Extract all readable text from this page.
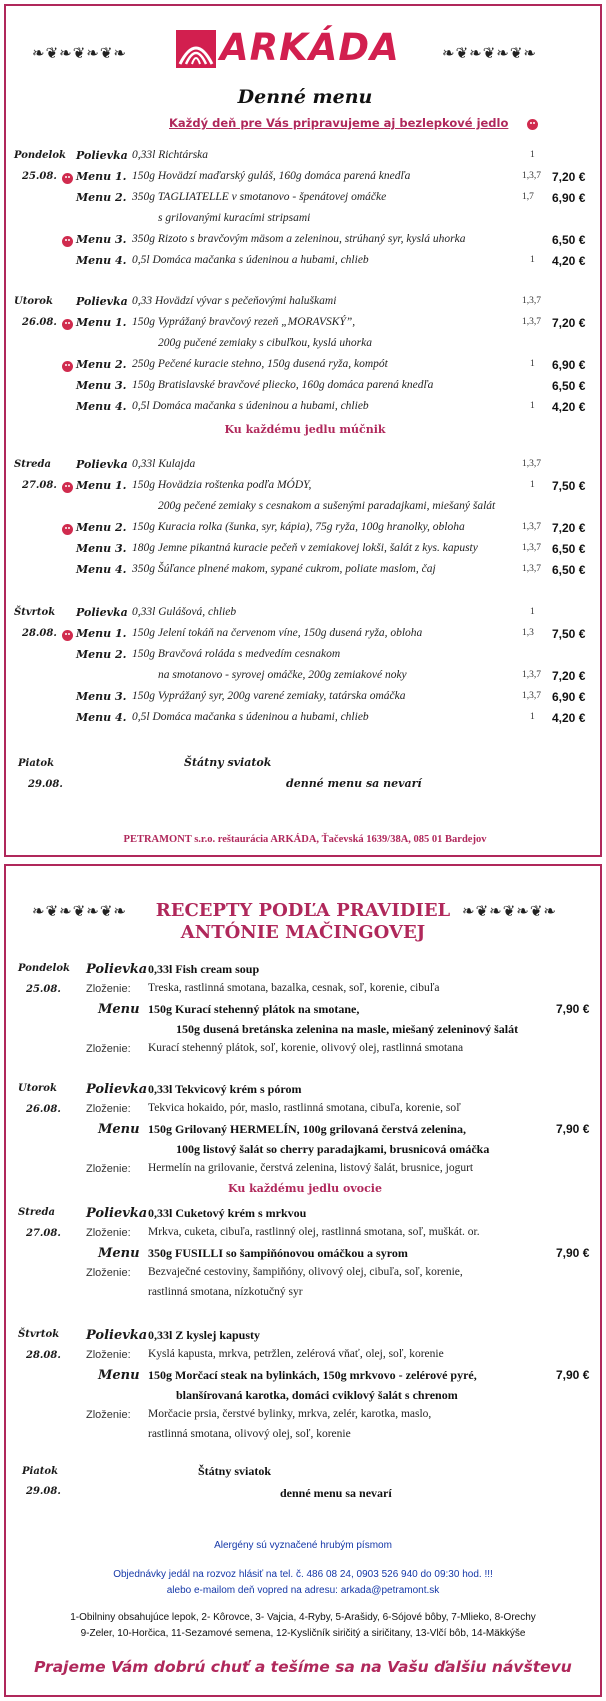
❧❦❧❦❧❦❧	❧❦❧❦❧❦❧
ARKÁDA
Denné menu
Každý deň pre Vás pripravujeme aj bezlepkové jedlo
Pondelok
25.08.
Polievka 0,33l Richtárska	1
Menu 1. 150g Hovädzí maďarský guláš, 160g domáca parená knedľa	1,3,7 7,20 €
Menu 2. 350g TAGLIATELLE v smotanovo - špenátovej omáčke	1,7 6,90 €
s grilovanými kuracími stripsami
Menu 3. 350g Rizoto s bravčovým mäsom a zeleninou, strúhaný syr, kyslá uhorka	6,50 €
Menu 4. 0,5l Domáca mačanka s údeninou a hubami, chlieb	1 4,20 €
Utorok
26.08.
Polievka 0,33 Hovädzí vývar s pečeňovými haluškami	1,3,7
Menu 1. 150g Vyprážaný bravčový rezeň „MORAVSKÝ”,	1,3,7 7,20 €
200g pučené zemiaky s cibuľkou, kyslá uhorka
Menu 2. 250g Pečené kuracie stehno, 150g dusená ryža, kompót	1 6,90 €
Menu 3. 150g Bratislavské bravčové pliecko, 160g domáca parená knedľa	6,50 €
Menu 4. 0,5l Domáca mačanka s údeninou a hubami, chlieb	1 4,20 €
Ku každému jedlu múčnik
Streda
27.08.
Polievka 0,33l Kulajda	1,3,7
Menu 1. 150g Hovädzia roštenka podľa MÓDY,	1 7,50 €
200g pečené zemiaky s cesnakom a sušenými paradajkami, miešaný šalát
Menu 2. 150g Kuracia rolka (šunka, syr, kápia), 75g ryža, 100g hranolky, obloha	1,3,7 7,20 €
Menu 3. 180g Jemne pikantná kuracie pečeň v zemiakovej lokši, šalát z kys. kapusty	1,3,7 6,50 €
Menu 4. 350g Šúľance plnené makom, sypané cukrom, poliate maslom, čaj	1,3,7 6,50 €
Štvrtok
28.08.
Polievka 0,33l Gulášová, chlieb	1
Menu 1. 150g Jelení tokáň na červenom víne, 150g dusená ryža, obloha	1,3 7,50 €
Menu 2. 150g Bravčová roláda s medvedím cesnakom
na smotanovo - syrovej omáčke, 200g zemiakové noky	1,3,7 7,20 €
Menu 3. 150g Vyprážaný syr, 200g varené zemiaky, tatárska omáčka	1,3,7 6,90 €
Menu 4. 0,5l Domáca mačanka s údeninou a hubami, chlieb	1 4,20 €
Piatok
29.08.
Štátny sviatok
denné menu sa nevarí
PETRAMONT s.r.o. reštaurácia ARKÁDA, Ťačevská 1639/38A, 085 01 Bardejov
❧❦❧❦❧❦❧	❧❦❧❦❧❦❧
RECEPTY PODĽA PRAVIDIEL
ANTÓNIE MAČINGOVEJ
Pondelok
25.08.
Polievka 0,33l Fish cream soup
Zloženie: Treska, rastlinná smotana, bazalka, cesnak, soľ, korenie, cibuľa
Menu 150g Kurací stehenný plátok na smotane,	7,90 €
150g dusená bretánska zelenina na masle, miešaný zeleninový šalát
Zloženie: Kurací stehenný plátok, soľ, korenie, olivový olej, rastlinná smotana
Utorok
26.08.
Polievka 0,33l Tekvicový krém s pórom
Zloženie: Tekvica hokaido, pór, maslo, rastlinná smotana, cibuľa, korenie, soľ
Menu 150g Grilovaný HERMELÍN, 100g grilovaná čerstvá zelenina,	7,90 €
100g listový šalát so cherry paradajkami, brusnicová omáčka
Zloženie: Hermelín na grilovanie, čerstvá zelenina, listový šalát, brusnice, jogurt
Ku každému jedlu ovocie
Streda
27.08.
Polievka 0,33l Cuketový krém s mrkvou
Zloženie: Mrkva, cuketa, cibuľa, rastlinný olej, rastlinná smotana, soľ, muškát. or.
Menu 350g FUSILLI so šampiňónovou omáčkou a syrom	7,90 €
Zloženie: Bezvaječné cestoviny, šampiňóny, olivový olej, cibuľa, soľ, korenie,
rastlinná smotana, nízkotučný syr
Štvrtok
28.08.
Polievka 0,33l Z kyslej kapusty
Zloženie: Kyslá kapusta, mrkva, petržlen, zelérová vňať, olej, soľ, korenie
Menu 150g Morčací steak na bylinkách, 150g mrkvovo - zelérové pyré,	7,90 €
blanšírovaná karotka, domáci cviklový šalát s chrenom
Zloženie: Morčacie prsia, čerstvé bylinky, mrkva, zelér, karotka, maslo,
rastlinná smotana, olivový olej, soľ, korenie
Piatok
29.08.
Štátny sviatok
denné menu sa nevarí
Alergény sú vyznačené hrubým písmom
Objednávky jedál na rozvoz hlásiť na tel. č. 486 08 24, 0903 526 940 do 09:30 hod. !!!
alebo e-mailom deň vopred na adresu: arkada@petramont.sk
1-Obilniny obsahujúce lepok, 2- Kôrovce, 3- Vajcia, 4-Ryby, 5-Arašidy, 6-Sójové bôby, 7-Mlieko, 8-Orechy
9-Zeler, 10-Horčica, 11-Sezamové semena, 12-Kysličník siričitý a siričitany, 13-Vlčí bôb, 14-Mäkkýše
Prajeme Vám dobrú chuť a tešíme sa na Vašu ďalšiu návštevu
